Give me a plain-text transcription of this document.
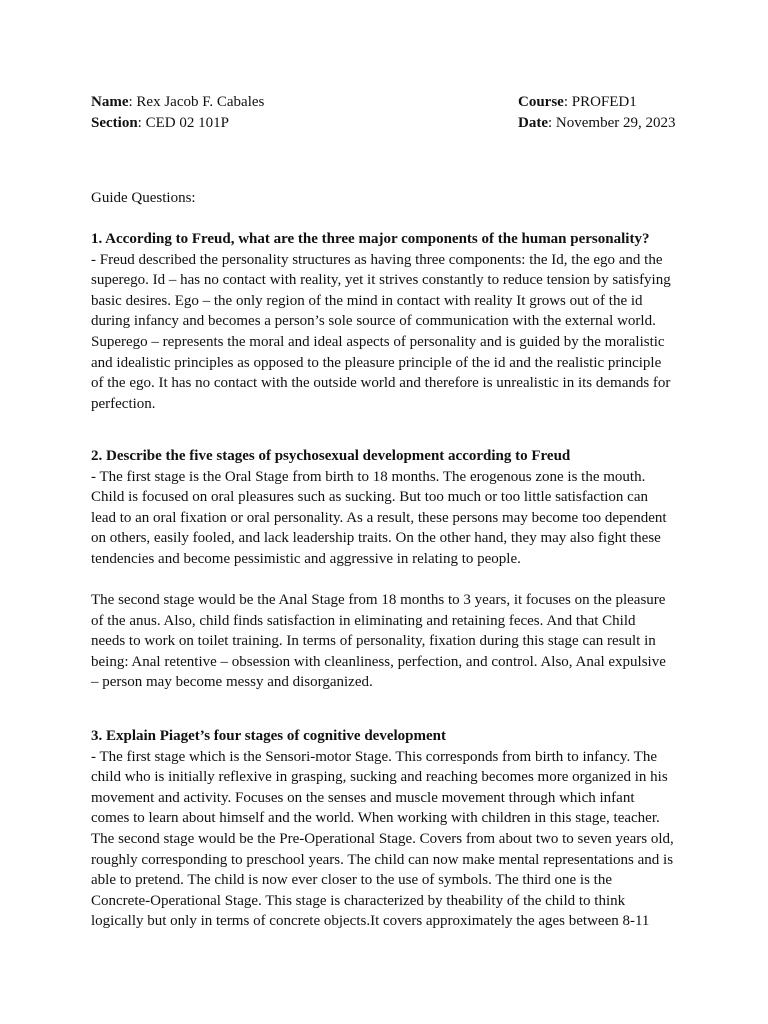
Name: Rex Jacob F. Cabales
Section: CED 02 101P
Course: PROFED1
Date: November 29, 2023
Guide Questions:

1. According to Freud, what are the three major components of the human personality?

- Freud described the personality structures as having three components: the Id, the ego and the
superego. Id – has no contact with reality, yet it strives constantly to reduce tension by satisfying
basic desires. Ego – the only region of the mind in contact with reality It grows out of the id
during infancy and becomes a person’s sole source of communication with the external world.
Superego – represents the moral and ideal aspects of personality and is guided by the moralistic
and idealistic principles as opposed to the pleasure principle of the id and the realistic principle
of the ego. It has no contact with the outside world and therefore is unrealistic in its demands for
perfection.

2. Describe the five stages of psychosexual development according to Freud

- The first stage is the Oral Stage from birth to 18 months. The erogenous zone is the mouth.
Child is focused on oral pleasures such as sucking. But too much or too little satisfaction can
lead to an oral fixation or oral personality. As a result, these persons may become too dependent
on others, easily fooled, and lack leadership traits. On the other hand, they may also fight these
tendencies and become pessimistic and aggressive in relating to people.

The second stage would be the Anal Stage from 18 months to 3 years, it focuses on the pleasure
of the anus. Also, child finds satisfaction in eliminating and retaining feces. And that Child
needs to work on toilet training. In terms of personality, fixation during this stage can result in
being: Anal retentive – obsession with cleanliness, perfection, and control. Also, Anal expulsive
– person may become messy and disorganized.

3. Explain Piaget’s four stages of cognitive development

- The first stage which is the Sensori-motor Stage. This corresponds from birth to infancy. The
child who is initially reflexive in grasping, sucking and reaching becomes more organized in his
movement and activity. Focuses on the senses and muscle movement through which infant
comes to learn about himself and the world. When working with children in this stage, teacher.
The second stage would be the Pre-Operational Stage. Covers from about two to seven years old,
roughly corresponding to preschool years. The child can now make mental representations and is
able to pretend. The child is now ever closer to the use of symbols. The third one is the
Concrete-Operational Stage. This stage is characterized by theability of the child to think
logically but only in terms of concrete objects.It covers approximately the ages between 8-11
